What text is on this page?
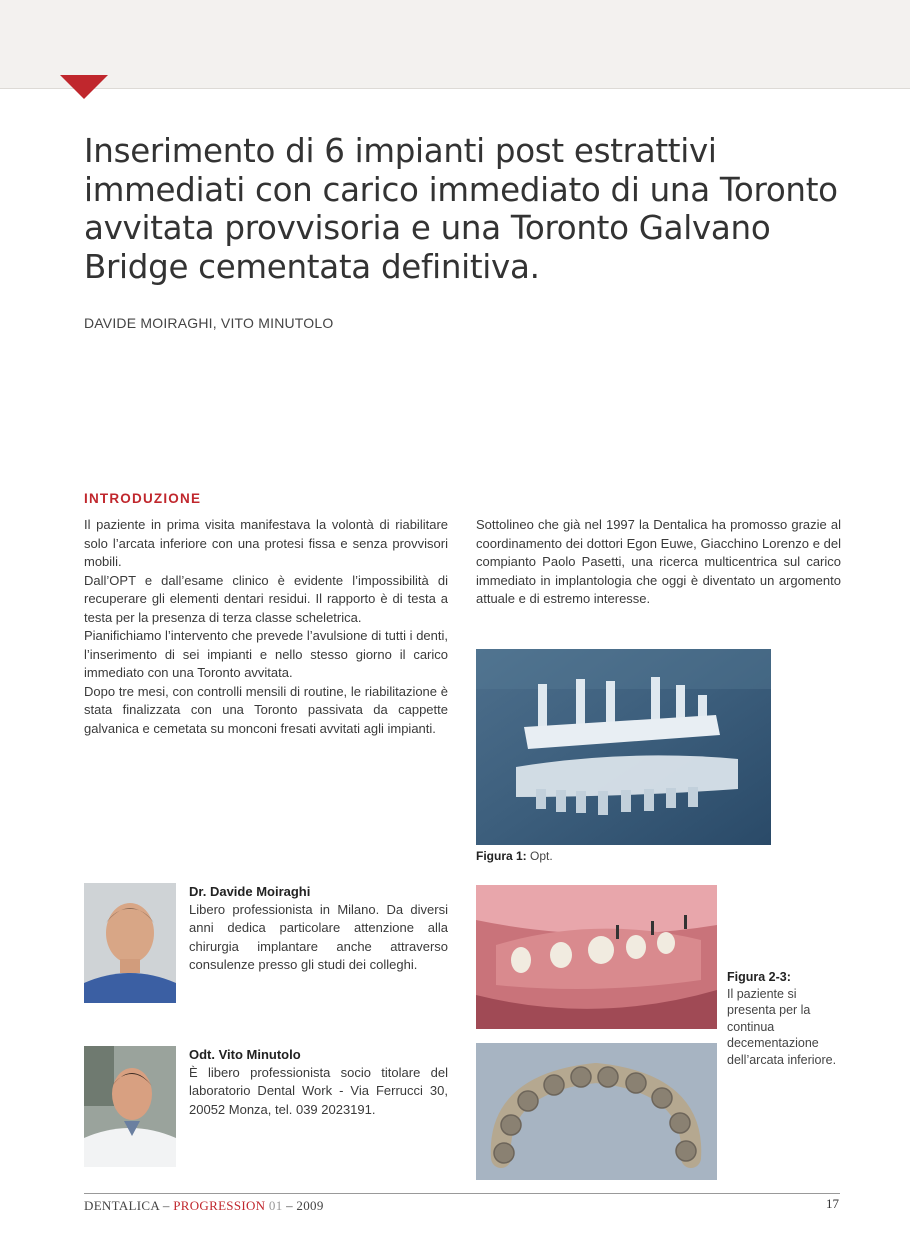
Inserimento di 6 impianti post estrattivi immediati con carico immediato di una Toronto avvitata provvisoria e una Toronto Galvano Bridge cementata definitiva.
DAVIDE MOIRAGHI, VITO MINUTOLO
INTRODUZIONE

Il paziente in prima visita manifestava la volontà di riabilitare solo l’arcata inferiore con una protesi fissa e senza provvisori mobili.

Dall’OPT e dall’esame clinico è evidente l’impossibilità di recuperare gli elementi dentari residui. Il rapporto è di testa a testa per la presenza di terza classe scheletrica.

Pianifichiamo l’intervento che prevede l’avulsione di tutti i denti, l’inserimento di sei impianti e nello stesso giorno il carico immediato con una Toronto avvitata.

Dopo tre mesi, con controlli mensili di routine, le riabilitazione è stata finalizzata con una Toronto passivata da cappette galvanica e cemetata su monconi fresati avvitati agli impianti.

Sottolineo che già nel 1997 la Dentalica ha promosso grazie al coordinamento dei dottori Egon Euwe, Giacchino Lorenzo e del compianto Paolo Pasetti, una ricerca multicentrica sul carico immediato in implantologia che oggi è diventato un argomento attuale e di estremo interesse.

Figura 1: Opt.
Figura 2-3:
Il paziente si presenta per la continua decementazione dell’arcata inferiore.
Dr. Davide Moiraghi
Libero professionista in Milano. Da diversi anni dedica particolare attenzione alla chirurgia implantare anche attraverso consulenze presso gli studi dei colleghi.
Odt. Vito Minutolo
È libero professionista socio titolare del laboratorio Dental Work - Via Ferrucci 30, 20052 Monza, tel. 039 2023191.
DENTALICA – PROGRESSION 01 – 2009	17
